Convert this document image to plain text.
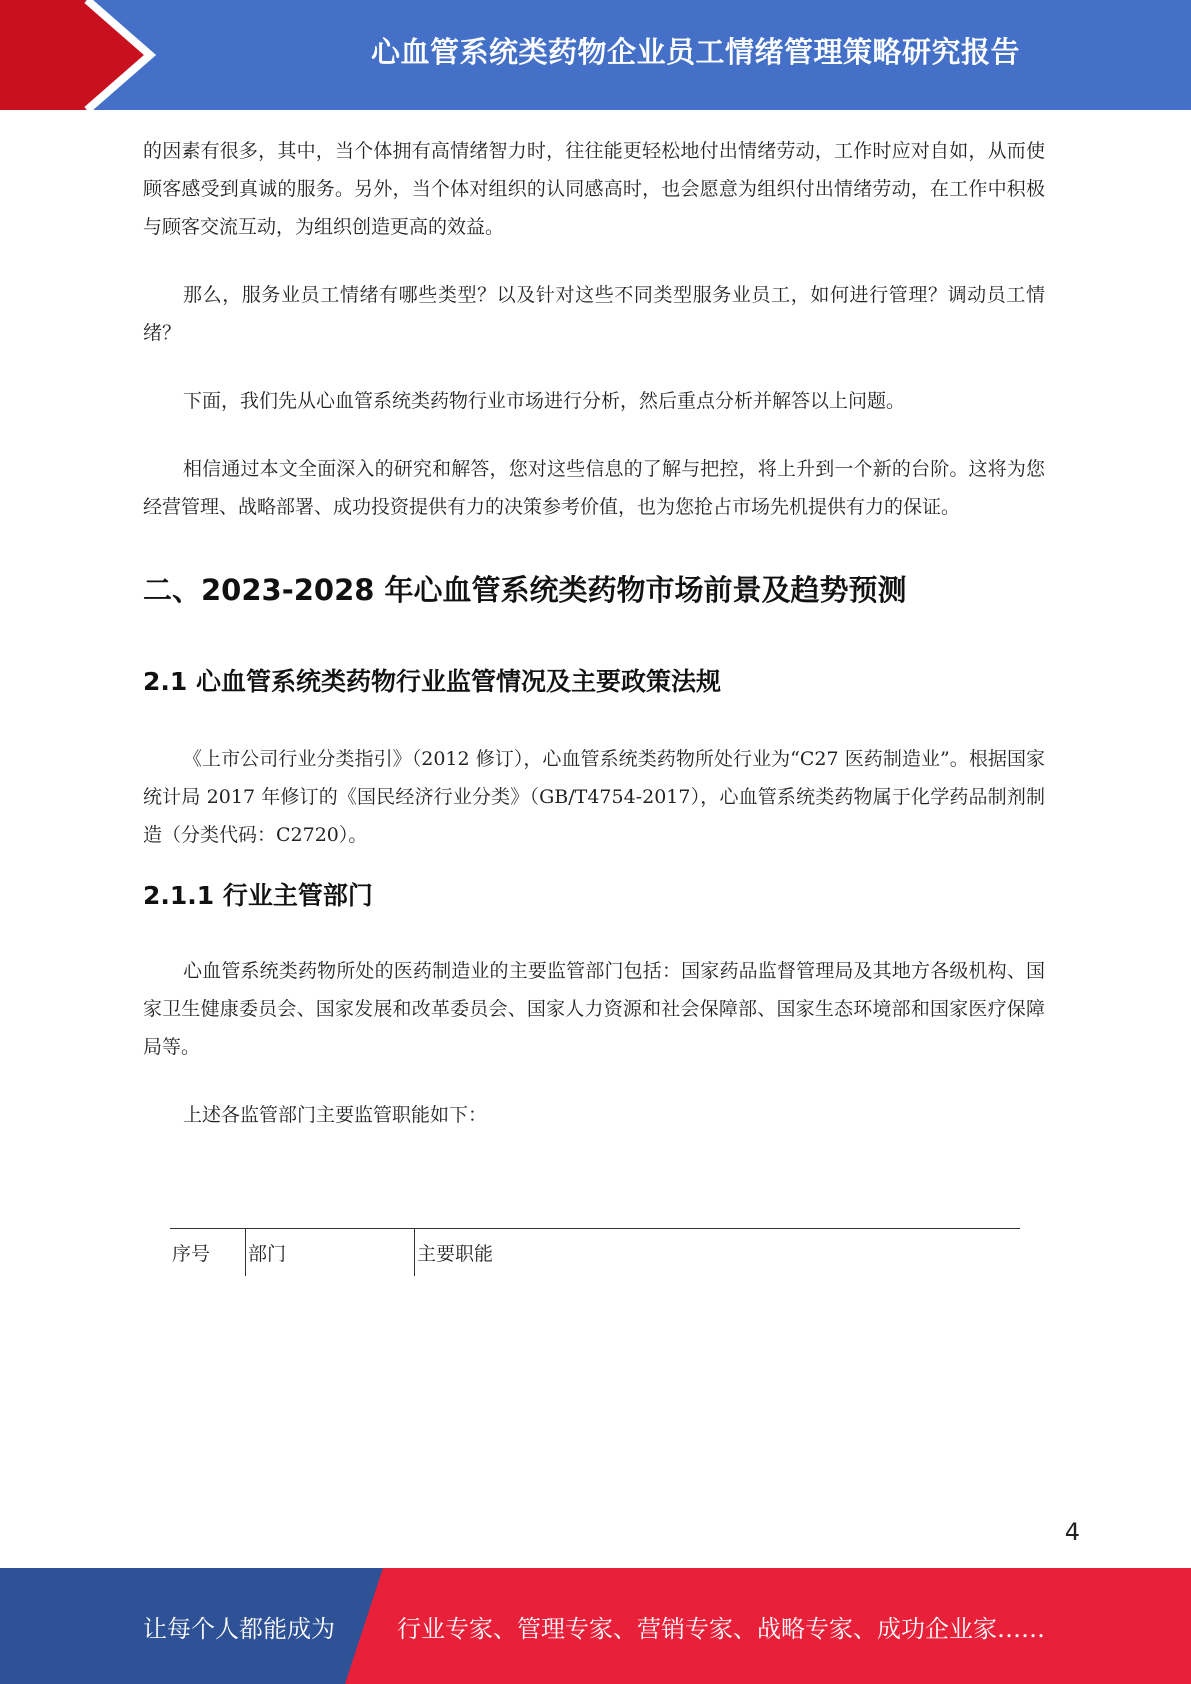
心血管系统类药物企业员工情绪管理策略研究报告

的因素有很多，其中，当个体拥有高情绪智力时，往往能更轻松地付出情绪劳动，工作时应对自如，从而使顾客感受到真诚的服务。另外，当个体对组织的认同感高时，也会愿意为组织付出情绪劳动，在工作中积极与顾客交流互动，为组织创造更高的效益。

那么，服务业员工情绪有哪些类型？以及针对这些不同类型服务业员工，如何进行管理？调动员工情绪？

下面，我们先从心血管系统类药物行业市场进行分析，然后重点分析并解答以上问题。

相信通过本文全面深入的研究和解答，您对这些信息的了解与把控，将上升到一个新的台阶。这将为您经营管理、战略部署、成功投资提供有力的决策参考价值，也为您抢占市场先机提供有力的保证。

二、2023-2028 年心血管系统类药物市场前景及趋势预测
2.1 心血管系统类药物行业监管情况及主要政策法规

《上市公司行业分类指引》（2012 修订），心血管系统类药物所处行业为“C27 医药制造业”。根据国家统计局 2017 年修订的《国民经济行业分类》（GB/T4754-2017），心血管系统类药物属于化学药品制剂制造（分类代码：C2720）。

2.1.1 行业主管部门

心血管系统类药物所处的医药制造业的主要监管部门包括：国家药品监督管理局及其地方各级机构、国家卫生健康委员会、国家发展和改革委员会、国家人力资源和社会保障部、国家生态环境部和国家医疗保障局等。

上述各监管部门主要监管职能如下：

序号	部门	主要职能
4
让每个人都能成为	行业专家、管理专家、营销专家、战略专家、成功企业家……
